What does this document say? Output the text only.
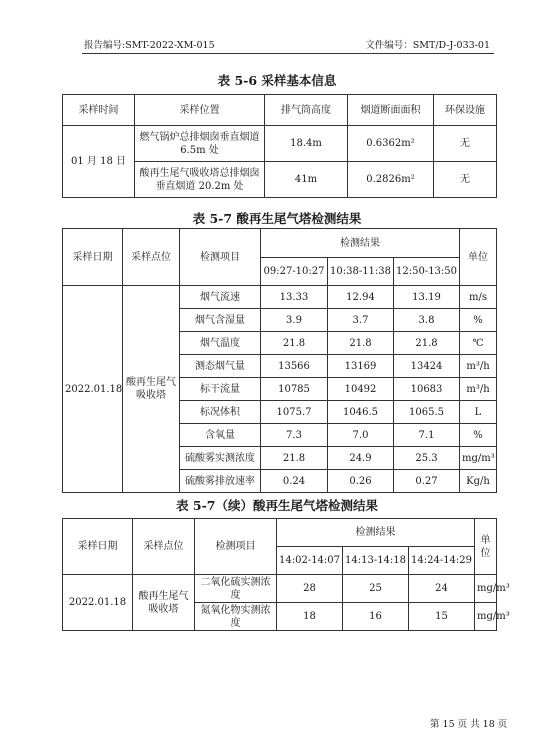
报告编号:SMT-2022-XM-015	文件编号：SMT/D-J-033-01
表 5-6 采样基本信息
采样时间	采样位置	排气筒高度	烟道断面面积	环保设施
01 月 18 日	燃气锅炉总排烟囱垂直烟道 6.5m 处	18.4m	0.6362m²	无
	酸再生尾气吸收塔总排烟囱垂直烟道 20.2m 处	41m	0.2826m²	无
表 5-7 酸再生尾气塔检测结果
采样日期	采样点位	检测项目	检测结果			单位
			09:27-10:27	10:38-11:38	12:50-13:50	
2022.01.18	酸再生尾气吸收塔	烟气流速	13.33	12.94	13.19	m/s
		烟气含湿量	3.9	3.7	3.8	%
		烟气温度	21.8	21.8	21.8	℃
		测态烟气量	13566	13169	13424	m³/h
		标干流量	10785	10492	10683	m³/h
		标况体积	1075.7	1046.5	1065.5	L
		含氧量	7.3	7.0	7.1	%
		硫酸雾实测浓度	21.8	24.9	25.3	mg/m³
		硫酸雾排放速率	0.24	0.26	0.27	Kg/h
表 5-7（续）酸再生尾气塔检测结果
采样日期	采样点位	检测项目	检测结果			单位
			14:02-14:07	14:13-14:18	14:24-14:29	
2022.01.18	酸再生尾气吸收塔	二氧化硫实测浓度	28	25	24	mg/m³
		氮氧化物实测浓度	18	16	15	mg/m³
第 15 页 共 18 页
